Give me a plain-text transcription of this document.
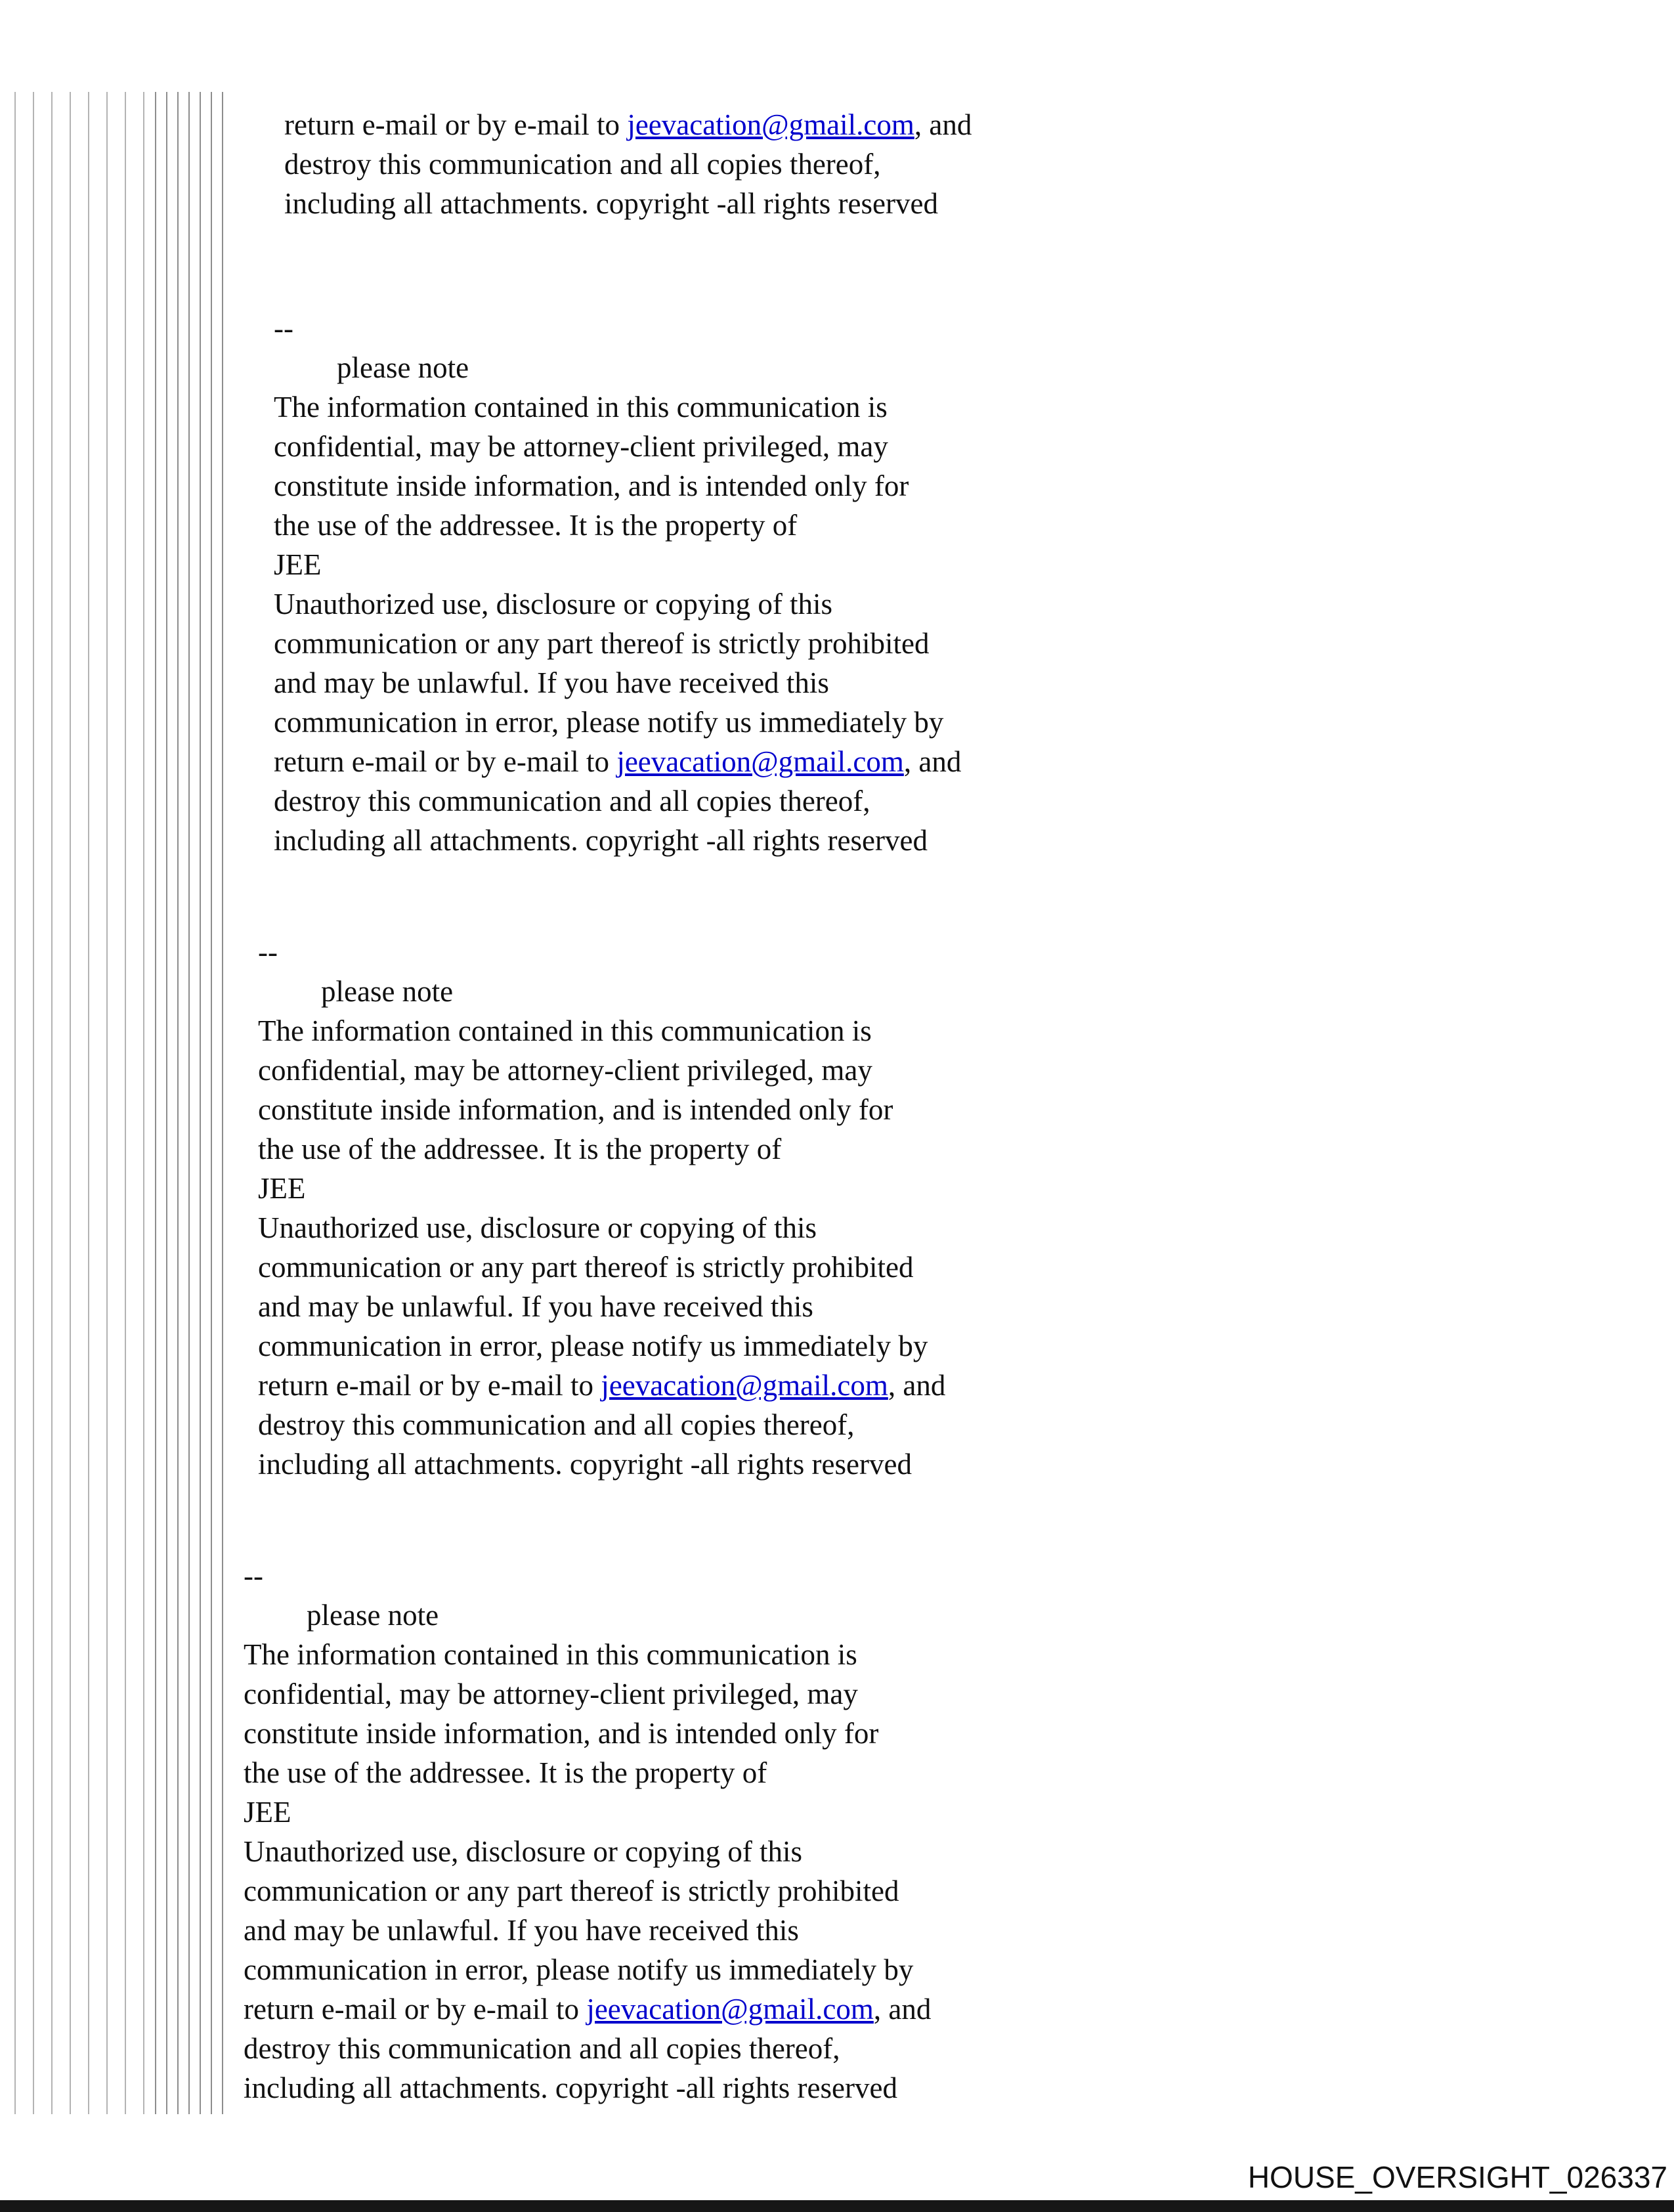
return e-mail or by e-mail to jeevacation@gmail.com, and
destroy this communication and all copies thereof,
including all attachments. copyright -all rights reserved
--
please note
The information contained in this communication is
confidential, may be attorney-client privileged, may
constitute inside information, and is intended only for
the use of the addressee. It is the property of
JEE
Unauthorized use, disclosure or copying of this
communication or any part thereof is strictly prohibited
and may be unlawful. If you have received this
communication in error, please notify us immediately by
return e-mail or by e-mail to jeevacation@gmail.com, and
destroy this communication and all copies thereof,
including all attachments. copyright -all rights reserved
--
please note
The information contained in this communication is
confidential, may be attorney-client privileged, may
constitute inside information, and is intended only for
the use of the addressee. It is the property of
JEE
Unauthorized use, disclosure or copying of this
communication or any part thereof is strictly prohibited
and may be unlawful. If you have received this
communication in error, please notify us immediately by
return e-mail or by e-mail to jeevacation@gmail.com, and
destroy this communication and all copies thereof,
including all attachments. copyright -all rights reserved
--
please note
The information contained in this communication is
confidential, may be attorney-client privileged, may
constitute inside information, and is intended only for
the use of the addressee. It is the property of
JEE
Unauthorized use, disclosure or copying of this
communication or any part thereof is strictly prohibited
and may be unlawful. If you have received this
communication in error, please notify us immediately by
return e-mail or by e-mail to jeevacation@gmail.com, and
destroy this communication and all copies thereof,
including all attachments. copyright -all rights reserved
HOUSE_OVERSIGHT_026337
